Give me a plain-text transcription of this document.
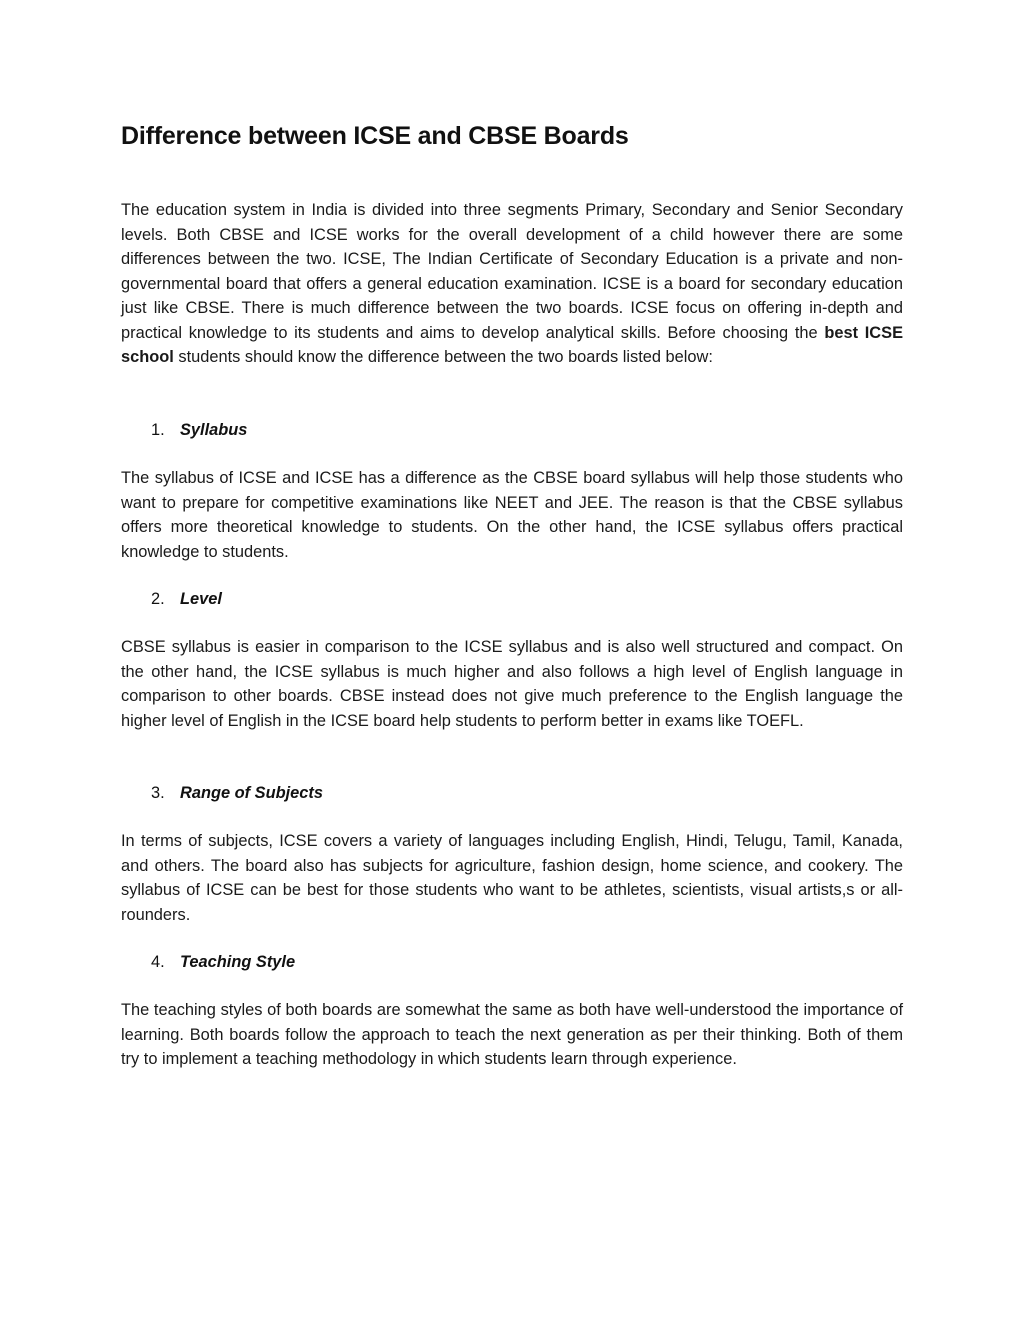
Difference between ICSE and CBSE Boards

The education system in India is divided into three segments Primary, Secondary and Senior Secondary levels. Both CBSE and ICSE works for the overall development of a child however there are some differences between the two. ICSE, The Indian Certificate of Secondary Education is a private and non-governmental board that offers a general education examination. ICSE is a board for secondary education just like CBSE. There is much difference between the two boards. ICSE focus on offering in-depth and practical knowledge to its students and aims to develop analytical skills. Before choosing the best ICSE school students should know the difference between the two boards listed below:

1. Syllabus

The syllabus of ICSE and ICSE has a difference as the CBSE board syllabus will help those students who want to prepare for competitive examinations like NEET and JEE. The reason is that the CBSE syllabus offers more theoretical knowledge to students. On the other hand, the ICSE syllabus offers practical knowledge to students.

2. Level

CBSE syllabus is easier in comparison to the ICSE syllabus and is also well structured and compact. On the other hand, the ICSE syllabus is much higher and also follows a high level of English language in comparison to other boards. CBSE instead does not give much preference to the English language the higher level of English in the ICSE board help students to perform better in exams like TOEFL.

3. Range of Subjects

In terms of subjects, ICSE covers a variety of languages including English, Hindi, Telugu, Tamil, Kanada, and others. The board also has subjects for agriculture, fashion design, home science, and cookery. The syllabus of ICSE can be best for those students who want to be athletes, scientists, visual artists,s or all-rounders.

4. Teaching Style

The teaching styles of both boards are somewhat the same as both have well-understood the importance of learning. Both boards follow the approach to teach the next generation as per their thinking. Both of them try to implement a teaching methodology in which students learn through experience.
